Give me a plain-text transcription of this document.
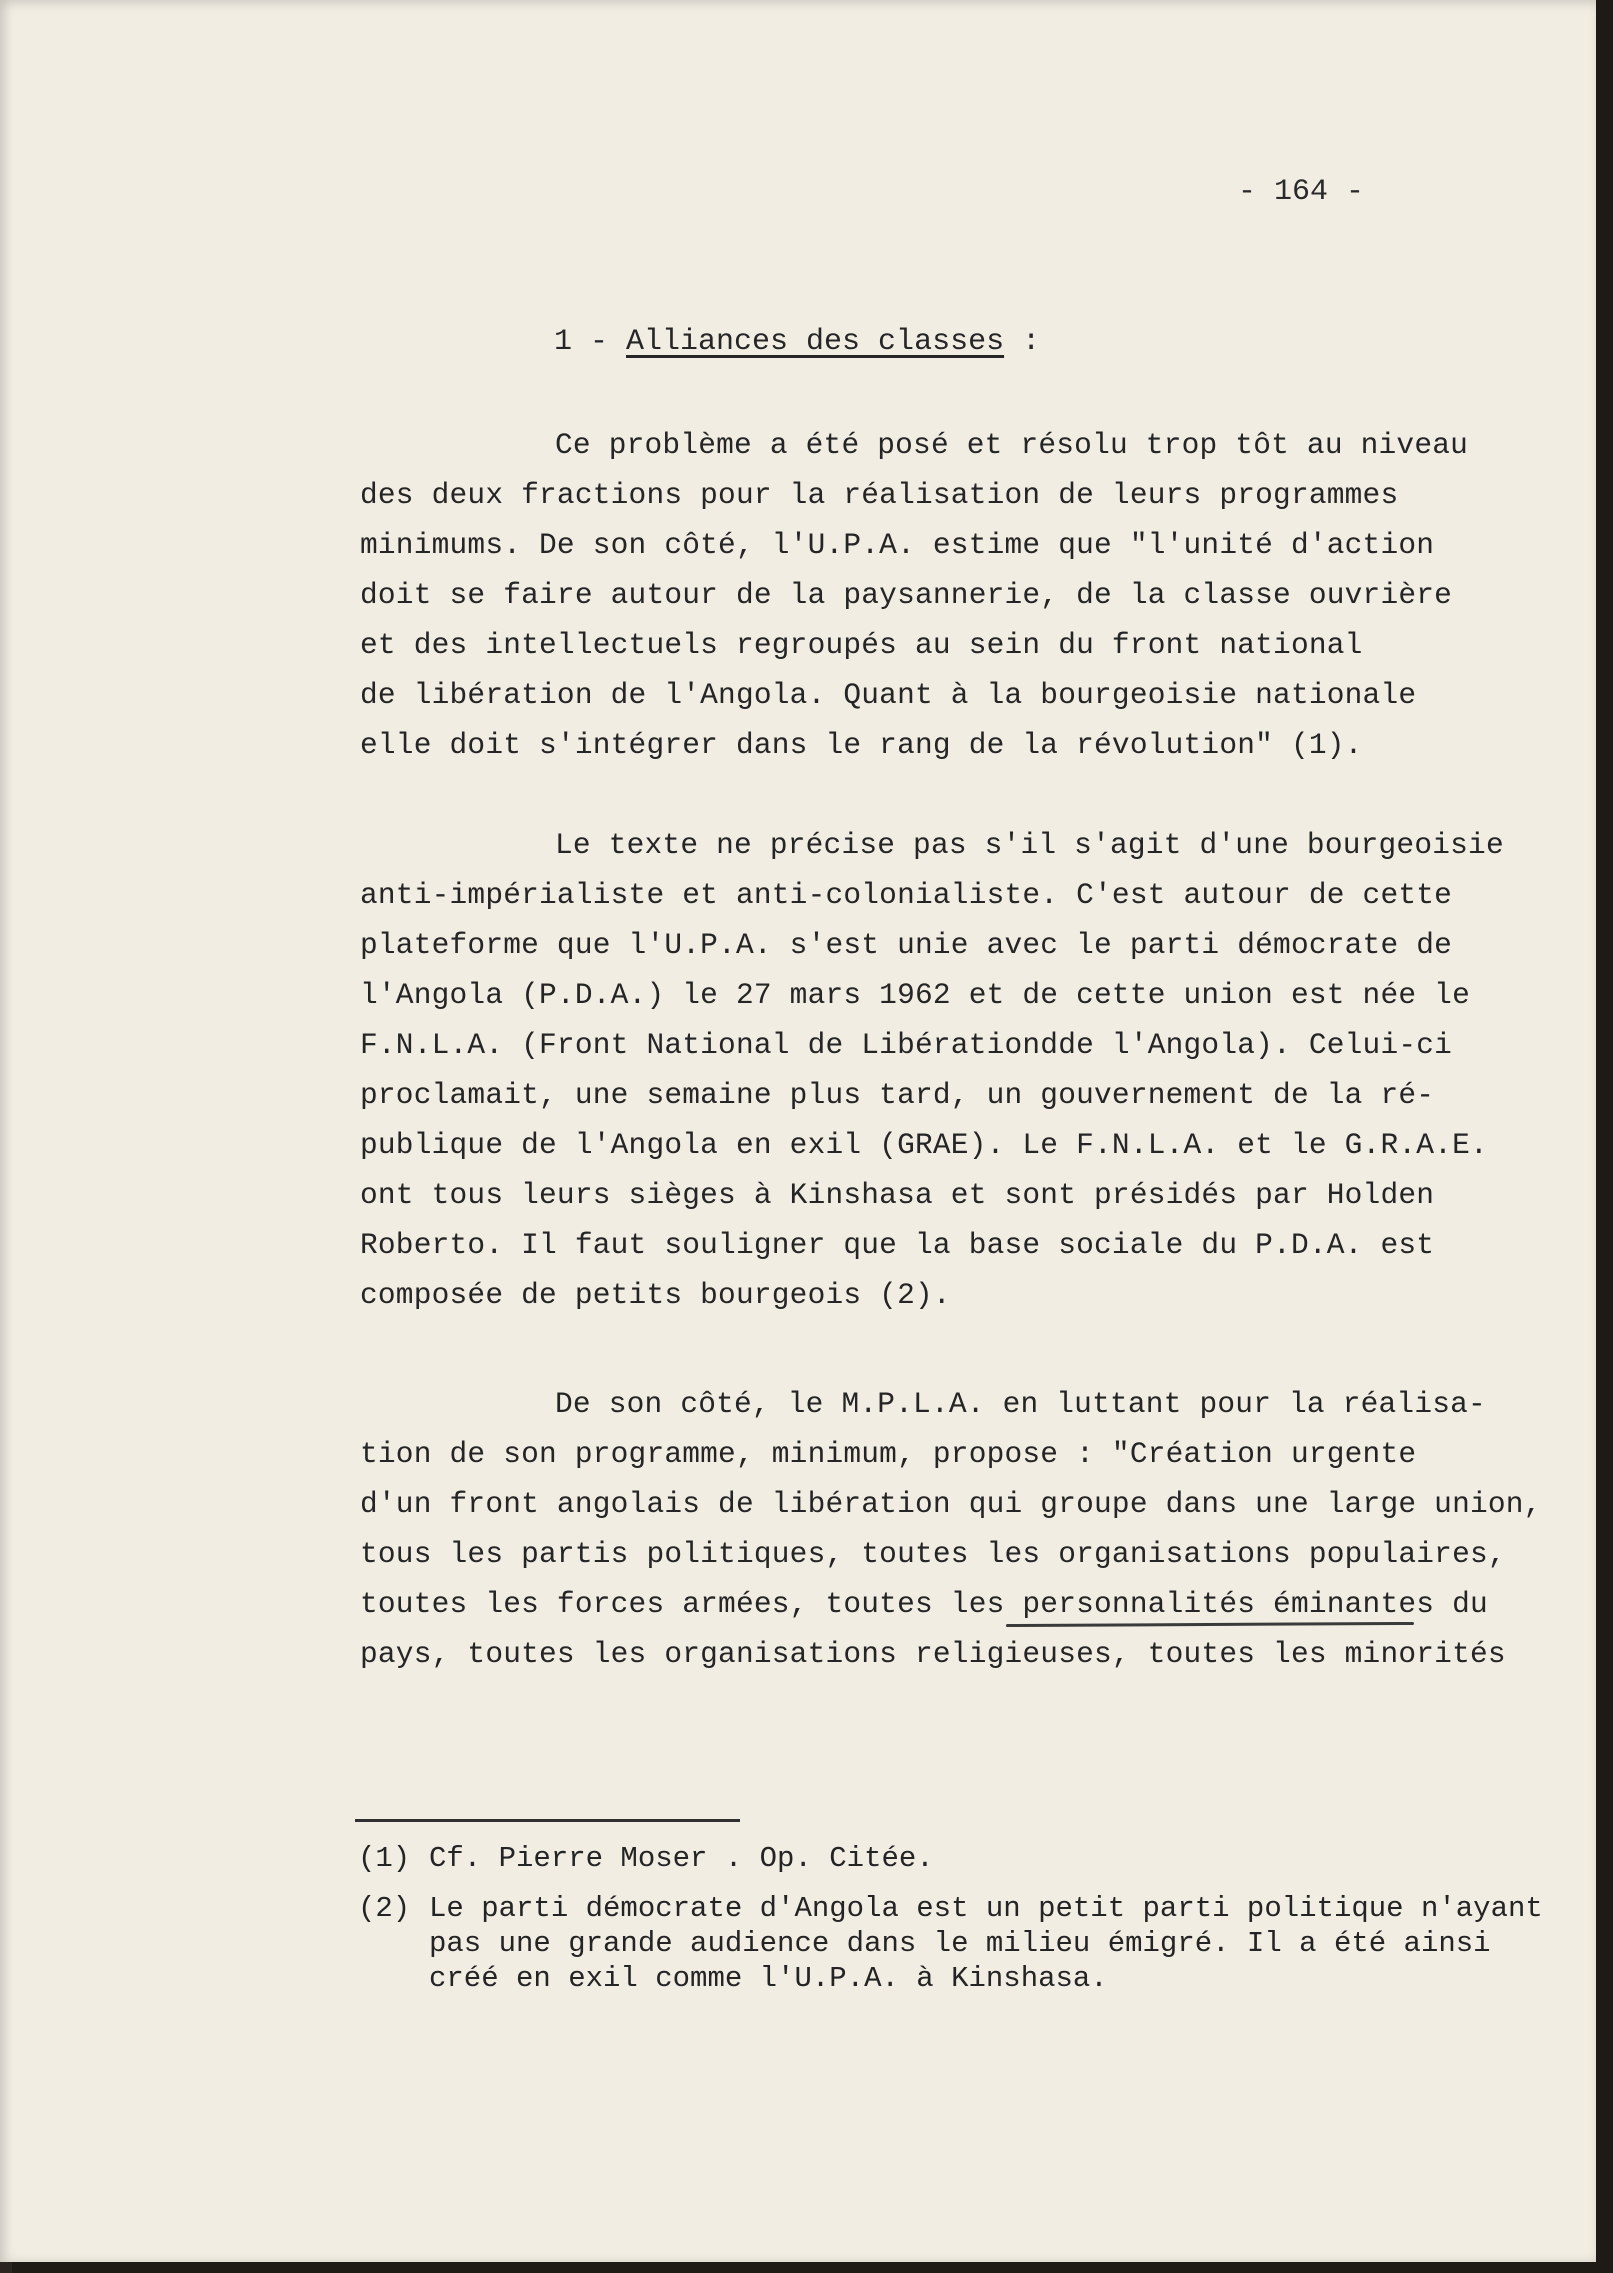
- 164 -
1 - Alliances des classes :
Ce problème a été posé et résolu trop tôt au niveau
des deux fractions pour la réalisation de leurs programmes
minimums. De son côté, l'U.P.A. estime que "l'unité d'action
doit se faire autour de la paysannerie, de la classe ouvrière
et des intellectuels regroupés au sein du front national
de libération de l'Angola. Quant à la bourgeoisie nationale
elle doit s'intégrer dans le rang de la révolution" (1).
Le texte ne précise pas s'il s'agit d'une bourgeoisie
anti-impérialiste et anti-colonialiste. C'est autour de cette
plateforme que l'U.P.A. s'est unie avec le parti démocrate de
l'Angola (P.D.A.) le 27 mars 1962 et de cette union est née le
F.N.L.A. (Front National de Libérationdde l'Angola). Celui-ci
proclamait, une semaine plus tard, un gouvernement de la ré-
publique de l'Angola en exil (GRAE). Le F.N.L.A. et le G.R.A.E.
ont tous leurs sièges à Kinshasa et sont présidés par Holden
Roberto. Il faut souligner que la base sociale du P.D.A. est
composée de petits bourgeois (2).
De son côté, le M.P.L.A. en luttant pour la réalisa-
tion de son programme, minimum, propose : "Création urgente
d'un front angolais de libération qui groupe dans une large union,
tous les partis politiques, toutes les organisations populaires,
toutes les forces armées, toutes les personnalités éminantes du
pays, toutes les organisations religieuses, toutes les minorités
(1) Cf. Pierre Moser . Op. Citée.
(2) Le parti démocrate d'Angola est un petit parti politique n'ayant
pas une grande audience dans le milieu émigré. Il a été ainsi
créé en exil comme l'U.P.A. à Kinshasa.
